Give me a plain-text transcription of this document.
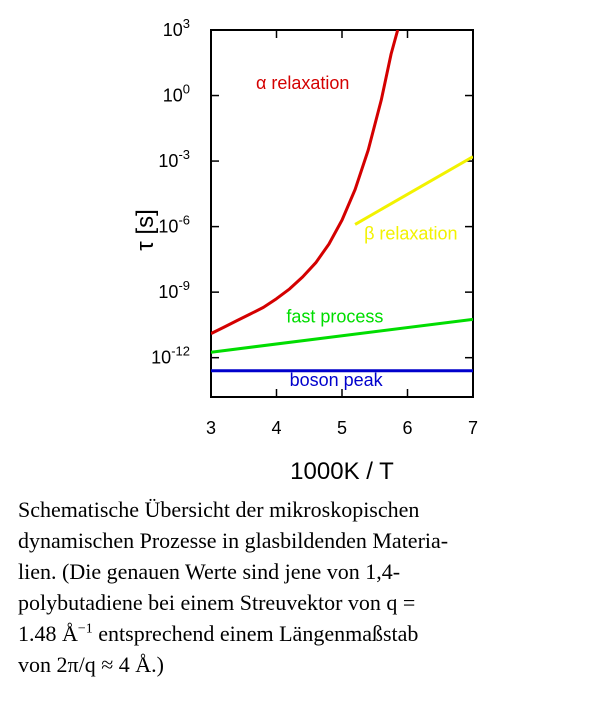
3	4	5	6	7
$10^3$
$10^0$
$10^{-3}$
$10^{-6}$
$10^{-9}$
$10^{-12}$
α relaxation
β relaxation
fast process
boson peak
1000K / T
τ [s]
Schematische Übersicht der mikroskopischen
dynamischen Prozesse in glasbildenden Materia-
lien. (Die genauen Werte sind jene von 1,4-
polybutadiene bei einem Streuvektor von q =
1.48 $Å^{-1}$ entsprechend einem Längenmaßstab
von 2π/q ≈ 4 Å.)
